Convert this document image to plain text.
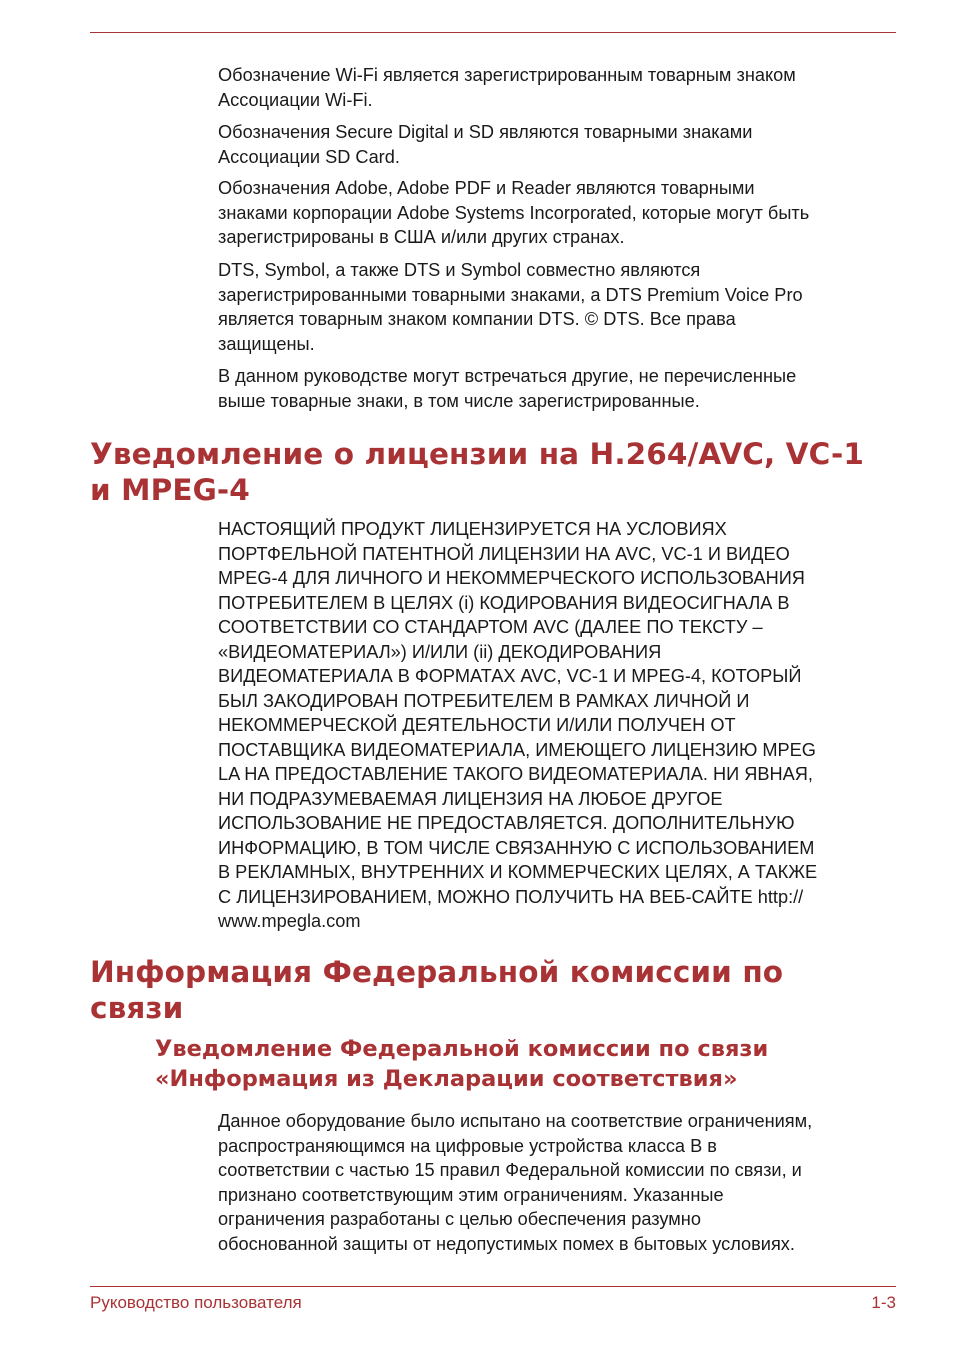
Обозначение Wi-Fi является зарегистрированным товарным знаком
Ассоциации Wi-Fi.

Обозначения Secure Digital и SD являются товарными знаками
Ассоциации SD Card.

Обозначения Adobe, Adobe PDF и Reader являются товарными
знаками корпорации Adobe Systems Incorporated, которые могут быть
зарегистрированы в США и/или других странах.

DTS, Symbol, а также DTS и Symbol совместно являются
зарегистрированными товарными знаками, а DTS Premium Voice Pro
является товарным знаком компании DTS. © DTS. Все права
защищены.

В данном руководстве могут встречаться другие, не перечисленные
выше товарные знаки, в том числе зарегистрированные.

Уведомление о лицензии на H.264/AVC, VC-1
и MPEG-4

НАСТОЯЩИЙ ПРОДУКТ ЛИЦЕНЗИРУЕТСЯ НА УСЛОВИЯХ
ПОРТФЕЛЬНОЙ ПАТЕНТНОЙ ЛИЦЕНЗИИ НА AVC, VC-1 И ВИДЕО
MPEG-4 ДЛЯ ЛИЧНОГО И НЕКОММЕРЧЕСКОГО ИСПОЛЬЗОВАНИЯ
ПОТРЕБИТЕЛЕМ В ЦЕЛЯХ (i) КОДИРОВАНИЯ ВИДЕОСИГНАЛА В
СООТВЕТСТВИИ СО СТАНДАРТОМ AVC (ДАЛЕЕ ПО ТЕКСТУ –
«ВИДЕОМАТЕРИАЛ») И/ИЛИ (ii) ДЕКОДИРОВАНИЯ
ВИДЕОМАТЕРИАЛА В ФОРМАТАХ AVC, VC-1 И MPEG-4, КОТОРЫЙ
БЫЛ ЗАКОДИРОВАН ПОТРЕБИТЕЛЕМ В РАМКАХ ЛИЧНОЙ И
НЕКОММЕРЧЕСКОЙ ДЕЯТЕЛЬНОСТИ И/ИЛИ ПОЛУЧЕН ОТ
ПОСТАВЩИКА ВИДЕОМАТЕРИАЛА, ИМЕЮЩЕГО ЛИЦЕНЗИЮ MPEG
LA НА ПРЕДОСТАВЛЕНИЕ ТАКОГО ВИДЕОМАТЕРИАЛА. НИ ЯВНАЯ,
НИ ПОДРАЗУМЕВАЕМАЯ ЛИЦЕНЗИЯ НА ЛЮБОЕ ДРУГОЕ
ИСПОЛЬЗОВАНИЕ НЕ ПРЕДОСТАВЛЯЕТСЯ. ДОПОЛНИТЕЛЬНУЮ
ИНФОРМАЦИЮ, В ТОМ ЧИСЛЕ СВЯЗАННУЮ С ИСПОЛЬЗОВАНИЕМ
В РЕКЛАМНЫХ, ВНУТРЕННИХ И КОММЕРЧЕСКИХ ЦЕЛЯХ, А ТАКЖЕ
С ЛИЦЕНЗИРОВАНИЕМ, МОЖНО ПОЛУЧИТЬ НА ВЕБ-САЙТЕ http://
www.mpegla.com

Информация Федеральной комиссии по
связи
Уведомление Федеральной комиссии по связи
«Информация из Декларации соответствия»

Данное оборудование было испытано на соответствие ограничениям,
распространяющимся на цифровые устройства класса B в
соответствии с частью 15 правил Федеральной комиссии по связи, и
признано соответствующим этим ограничениям. Указанные
ограничения разработаны с целью обеспечения разумно
обоснованной защиты от недопустимых помех в бытовых условиях.

Руководство пользователя	1-3
